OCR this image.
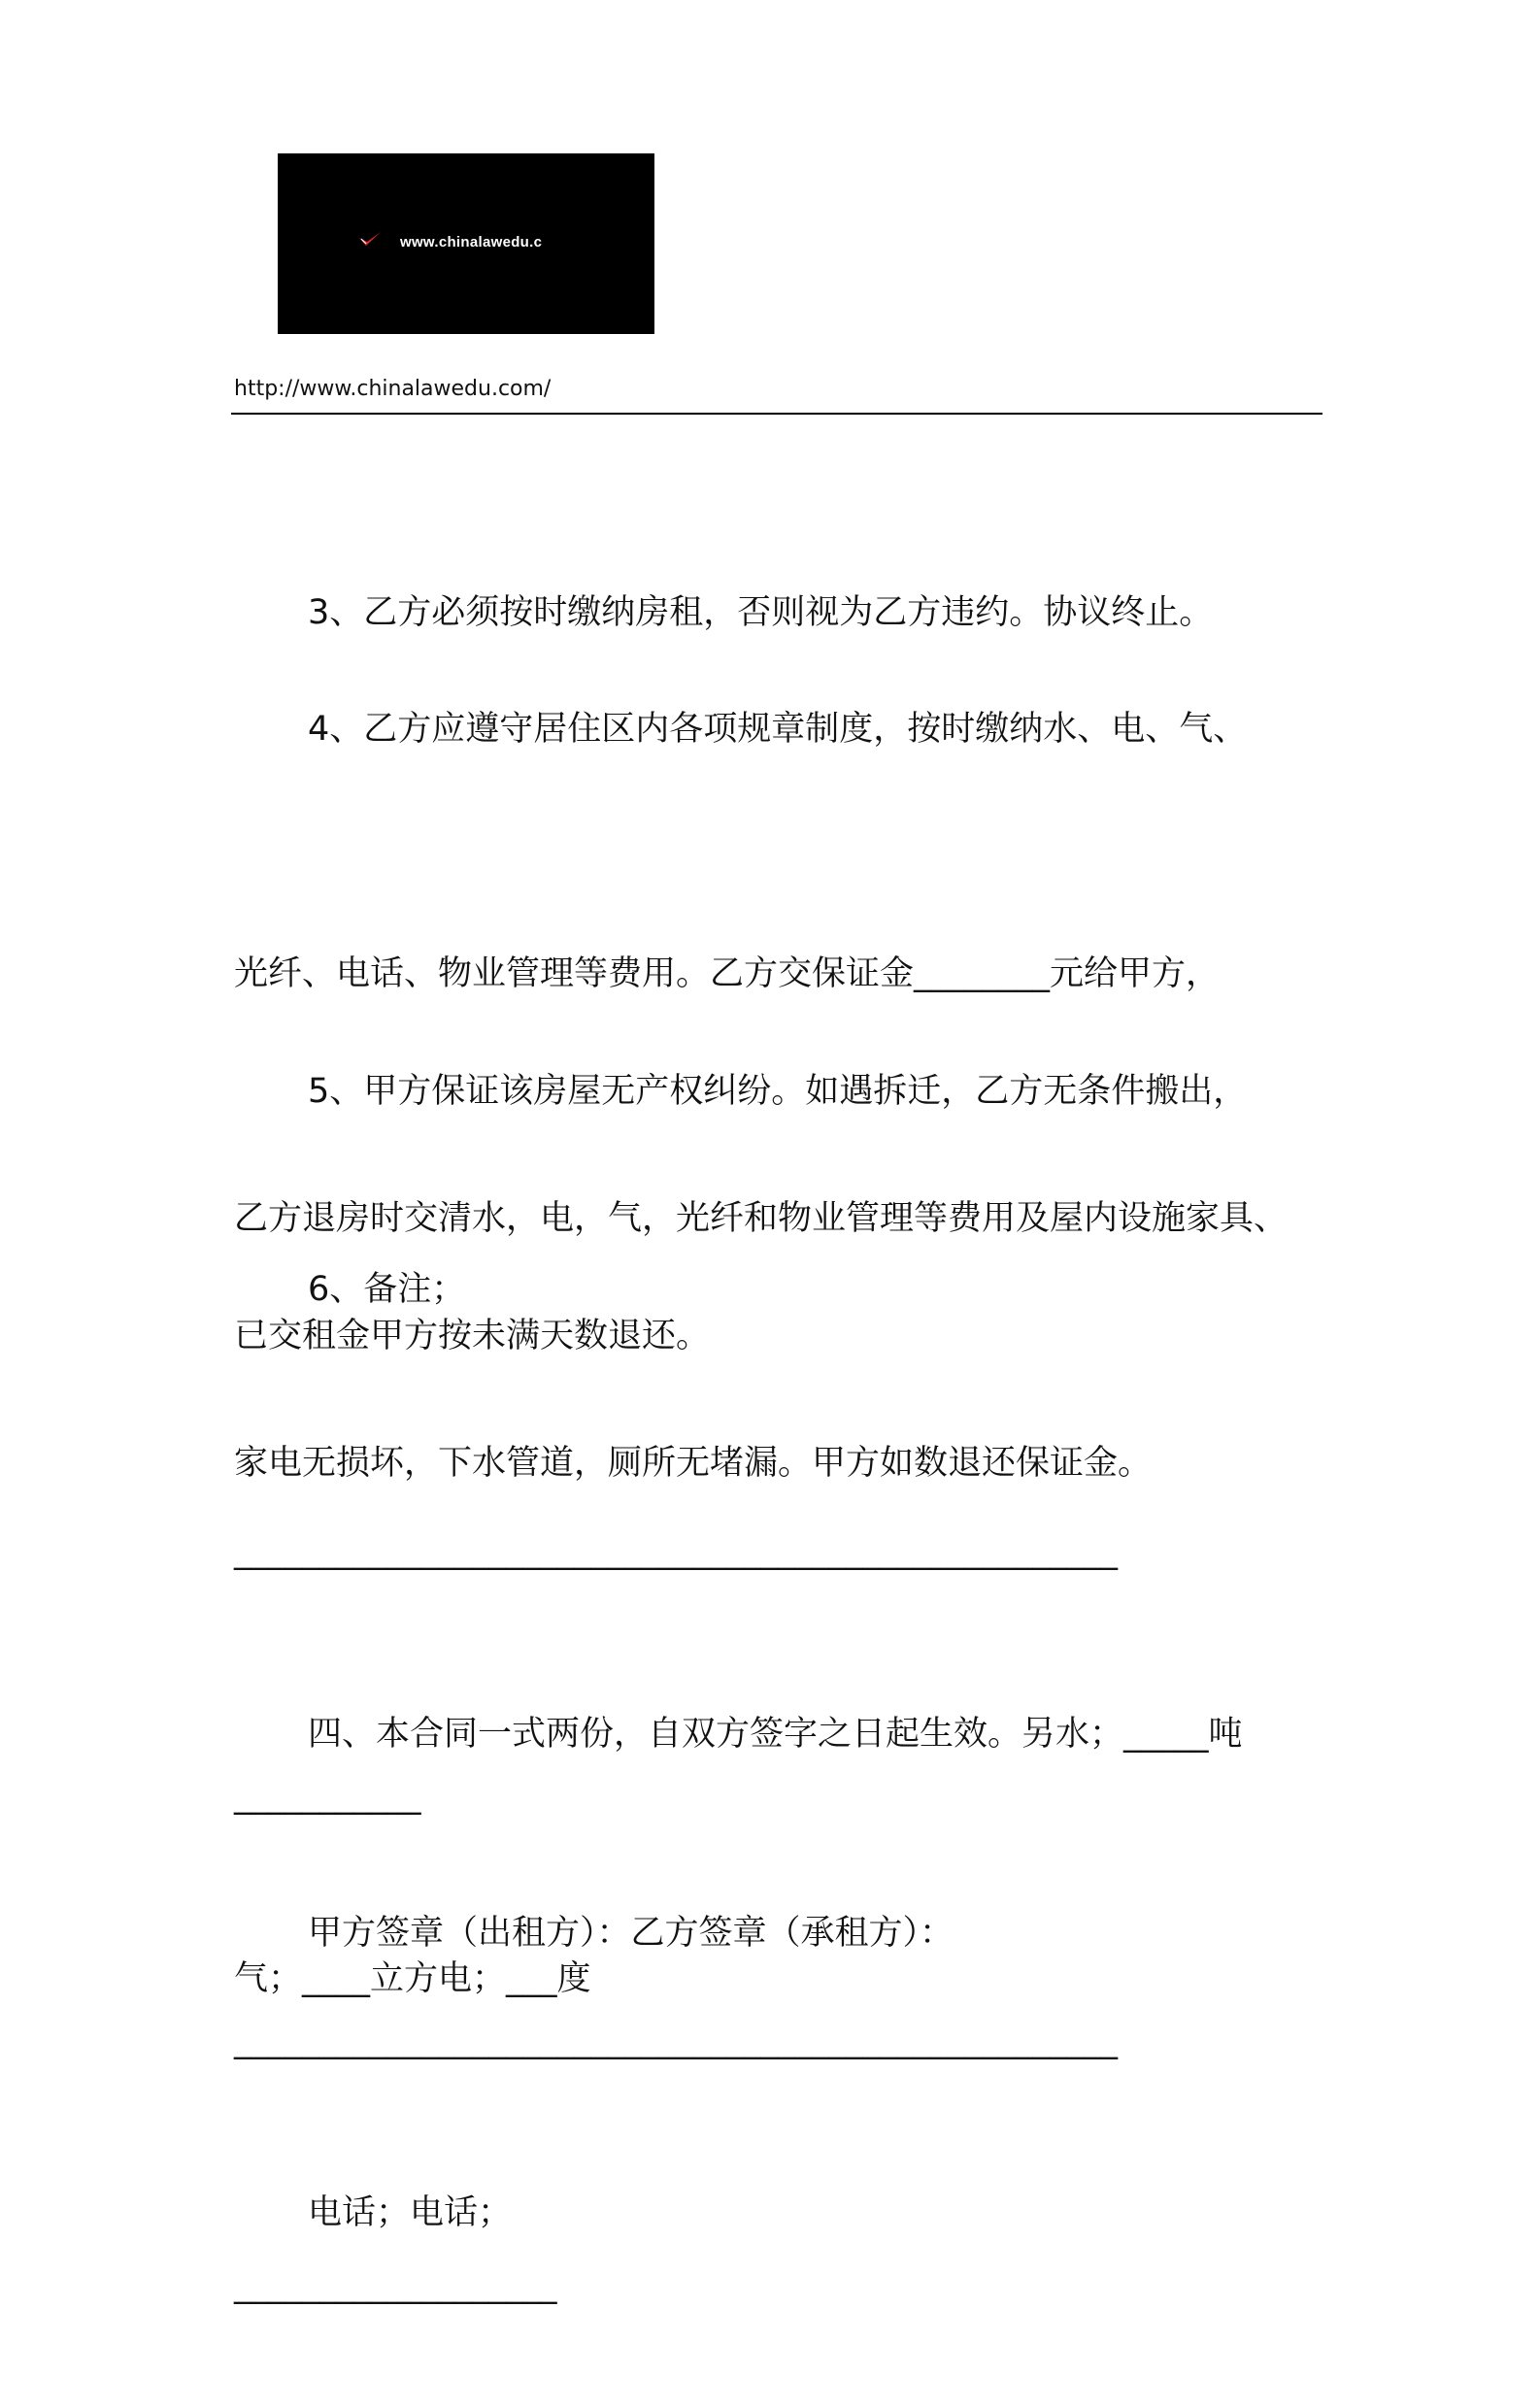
www.chinalawedu.c
http://www.chinalawedu.com/

3、乙方必须按时缴纳房租，否则视为乙方违约。协议终止。

4、乙方应遵守居住区内各项规章制度，按时缴纳水、电、气、

光纤、电话、物业管理等费用。乙方交保证金________元给甲方，

乙方退房时交清水，电，气，光纤和物业管理等费用及屋内设施家具、

家电无损坏，下水管道，厕所无堵漏。甲方如数退还保证金。

5、甲方保证该房屋无产权纠纷。如遇拆迁，乙方无条件搬出，

已交租金甲方按未满天数退还。

6、备注；

____________________________________________________

___________

____________________________________________________

___________________

四、本合同一式两份，自双方签字之日起生效。另水；_____吨

气；____立方电；___度

甲方签章（出租方）：乙方签章（承租方）：

电话；电话；
